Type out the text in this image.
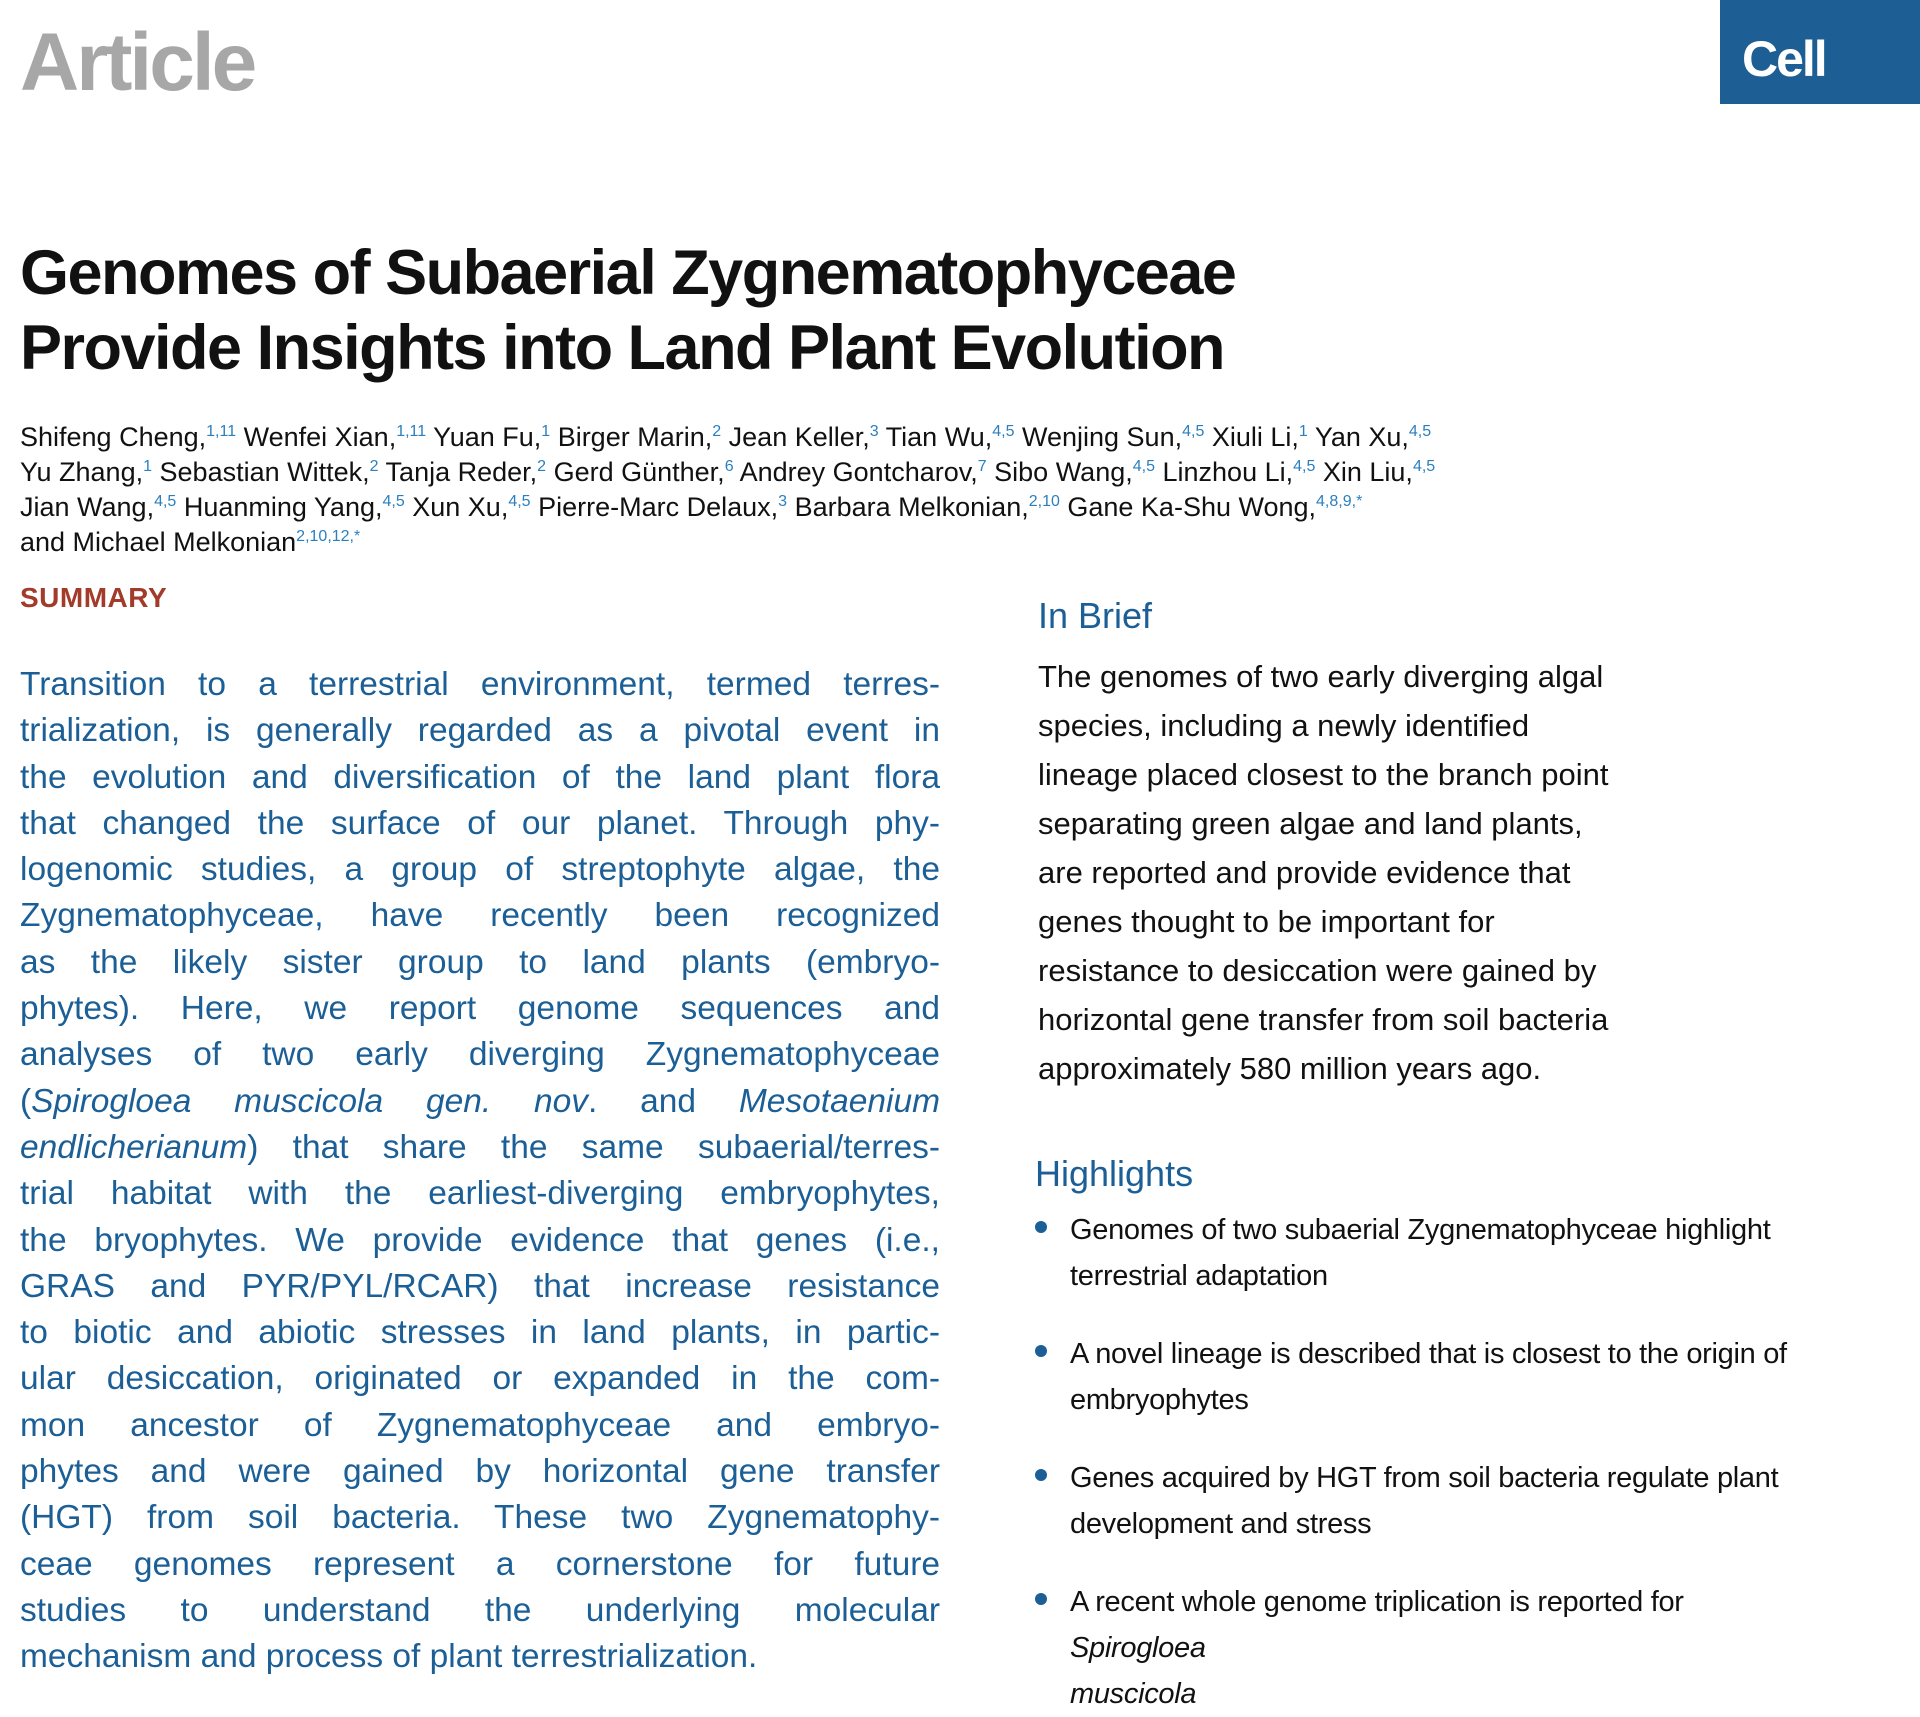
Article	Cell
Genomes of Subaerial Zygnematophyceae
Provide Insights into Land Plant Evolution
Shifeng Cheng,$^{1,11}$ Wenfei Xian,$^{1,11}$ Yuan Fu,$^1$ Birger Marin,$^2$ Jean Keller,$^3$ Tian Wu,$^{4,5}$ Wenjing Sun,$^{4,5}$ Xiuli Li,$^1$ Yan Xu,$^{4,5}$
Yu Zhang,$^1$ Sebastian Wittek,$^2$ Tanja Reder,$^2$ Gerd Günther,$^6$ Andrey Gontcharov,$^7$ Sibo Wang,$^{4,5}$ Linzhou Li,$^{4,5}$ Xin Liu,$^{4,5}$
Jian Wang,$^{4,5}$ Huanming Yang,$^{4,5}$ Xun Xu,$^{4,5}$ Pierre-Marc Delaux,$^3$ Barbara Melkonian,$^{2,10}$ Gane Ka-Shu Wong,$^{4,8,9,*}$
and Michael Melkonian$^{2,10,12,*}$
SUMMARY
Transition to a terrestrial environment, termed terres-
trialization, is generally regarded as a pivotal event in
the evolution and diversification of the land plant flora
that changed the surface of our planet. Through phy-
logenomic studies, a group of streptophyte algae, the
Zygnematophyceae, have recently been recognized
as the likely sister group to land plants (embryo-
phytes). Here, we report genome sequences and
analyses of two early diverging Zygnematophyceae
(Spirogloea muscicola gen. nov. and Mesotaenium
endlicherianum) that share the same subaerial/terres-
trial habitat with the earliest-diverging embryophytes,
the bryophytes. We provide evidence that genes (i.e.,
GRAS and PYR/PYL/RCAR) that increase resistance
to biotic and abiotic stresses in land plants, in partic-
ular desiccation, originated or expanded in the com-
mon ancestor of Zygnematophyceae and embryo-
phytes and were gained by horizontal gene transfer
(HGT) from soil bacteria. These two Zygnematophy-
ceae genomes represent a cornerstone for future
studies to understand the underlying molecular
mechanism and process of plant terrestrialization.
In Brief
The genomes of two early diverging algal
species, including a newly identified
lineage placed closest to the branch point
separating green algae and land plants,
are reported and provide evidence that
genes thought to be important for
resistance to desiccation were gained by
horizontal gene transfer from soil bacteria
approximately 580 million years ago.
Highlights
Genomes of two subaerial Zygnematophyceae highlight
terrestrial adaptation
A novel lineage is described that is closest to the origin of
embryophytes
Genes acquired by HGT from soil bacteria regulate plant
development and stress
A recent whole genome triplication is reported for
Spirogloea
muscicola
